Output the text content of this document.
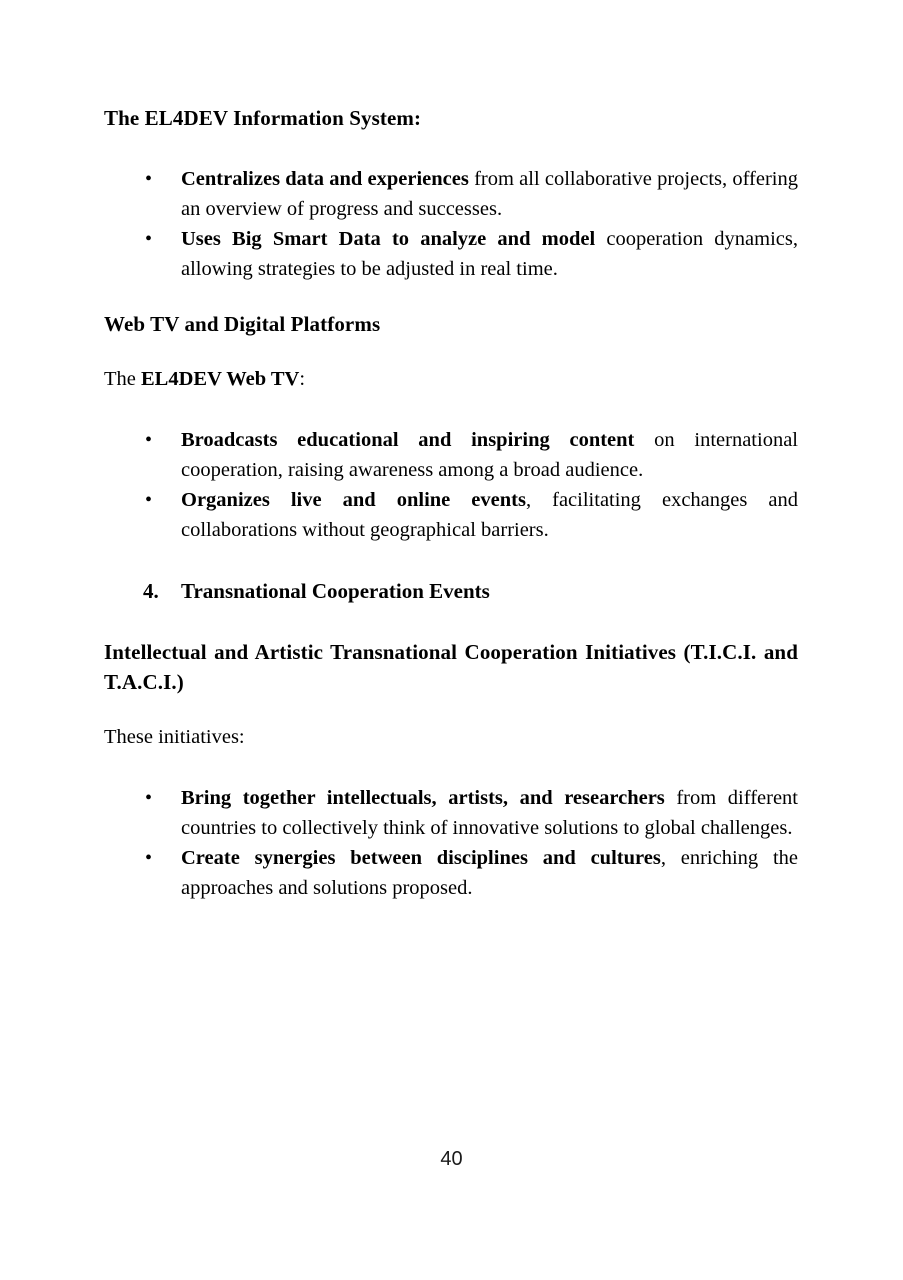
The EL4DEV Information System:

• Centralizes data and experiences from all collaborative projects, offering an overview of progress and successes.
• Uses Big Smart Data to analyze and model cooperation dynamics, allowing strategies to be adjusted in real time.

Web TV and Digital Platforms

The EL4DEV Web TV:

• Broadcasts educational and inspiring content on international cooperation, raising awareness among a broad audience.
• Organizes live and online events, facilitating exchanges and collaborations without geographical barriers.
4. Transnational Cooperation Events

Intellectual and Artistic Transnational Cooperation Initiatives (T.I.C.I. and T.A.C.I.)

These initiatives:

• Bring together intellectuals, artists, and researchers from different countries to collectively think of innovative solutions to global challenges.
• Create synergies between disciplines and cultures, enriching the approaches and solutions proposed.
40
